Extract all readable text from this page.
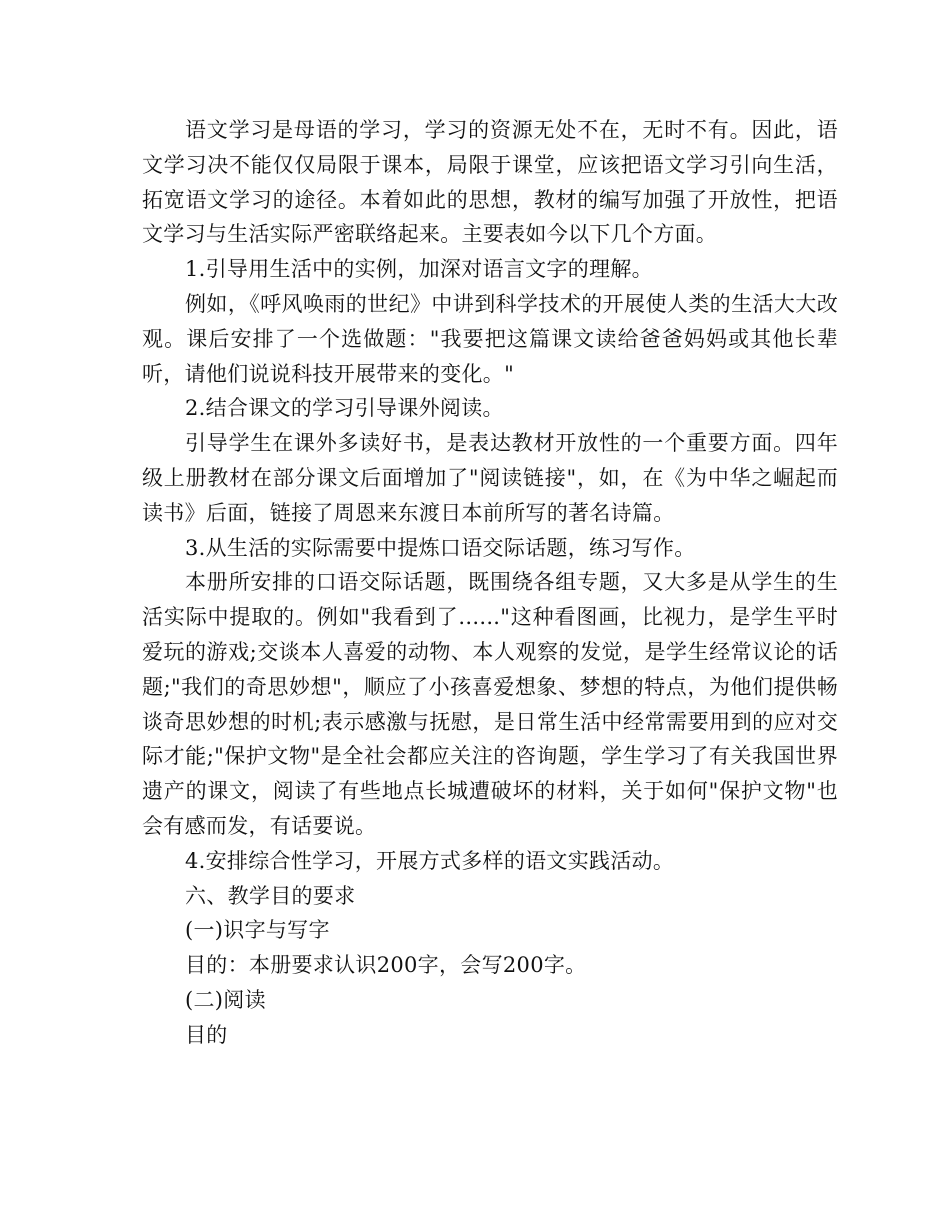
语文学习是母语的学习，学习的资源无处不在，无时不有。因此，语文学习决不能仅仅局限于课本，局限于课堂，应该把语文学习引向生活，拓宽语文学习的途径。本着如此的思想，教材的编写加强了开放性，把语文学习与生活实际严密联络起来。主要表如今以下几个方面。

1.引导用生活中的实例，加深对语言文字的理解。

例如，《呼风唤雨的世纪》中讲到科学技术的开展使人类的生活大大改观。课后安排了一个选做题："我要把这篇课文读给爸爸妈妈或其他长辈听，请他们说说科技开展带来的变化。"

2.结合课文的学习引导课外阅读。

引导学生在课外多读好书，是表达教材开放性的一个重要方面。四年级上册教材在部分课文后面增加了"阅读链接"，如，在《为中华之崛起而读书》后面，链接了周恩来东渡日本前所写的著名诗篇。

3.从生活的实际需要中提炼口语交际话题，练习写作。

本册所安排的口语交际话题，既围绕各组专题，又大多是从学生的生活实际中提取的。例如"我看到了......"这种看图画，比视力，是学生平时爱玩的游戏;交谈本人喜爱的动物、本人观察的发觉，是学生经常议论的话题;"我们的奇思妙想"，顺应了小孩喜爱想象、梦想的特点，为他们提供畅谈奇思妙想的时机;表示感激与抚慰，是日常生活中经常需要用到的应对交际才能;"保护文物"是全社会都应关注的咨询题，学生学习了有关我国世界遗产的课文，阅读了有些地点长城遭破坏的材料，关于如何"保护文物"也会有感而发，有话要说。

4.安排综合性学习，开展方式多样的语文实践活动。

六、教学目的要求

(一)识字与写字

目的：本册要求认识200字，会写200字。

(二)阅读

目的
